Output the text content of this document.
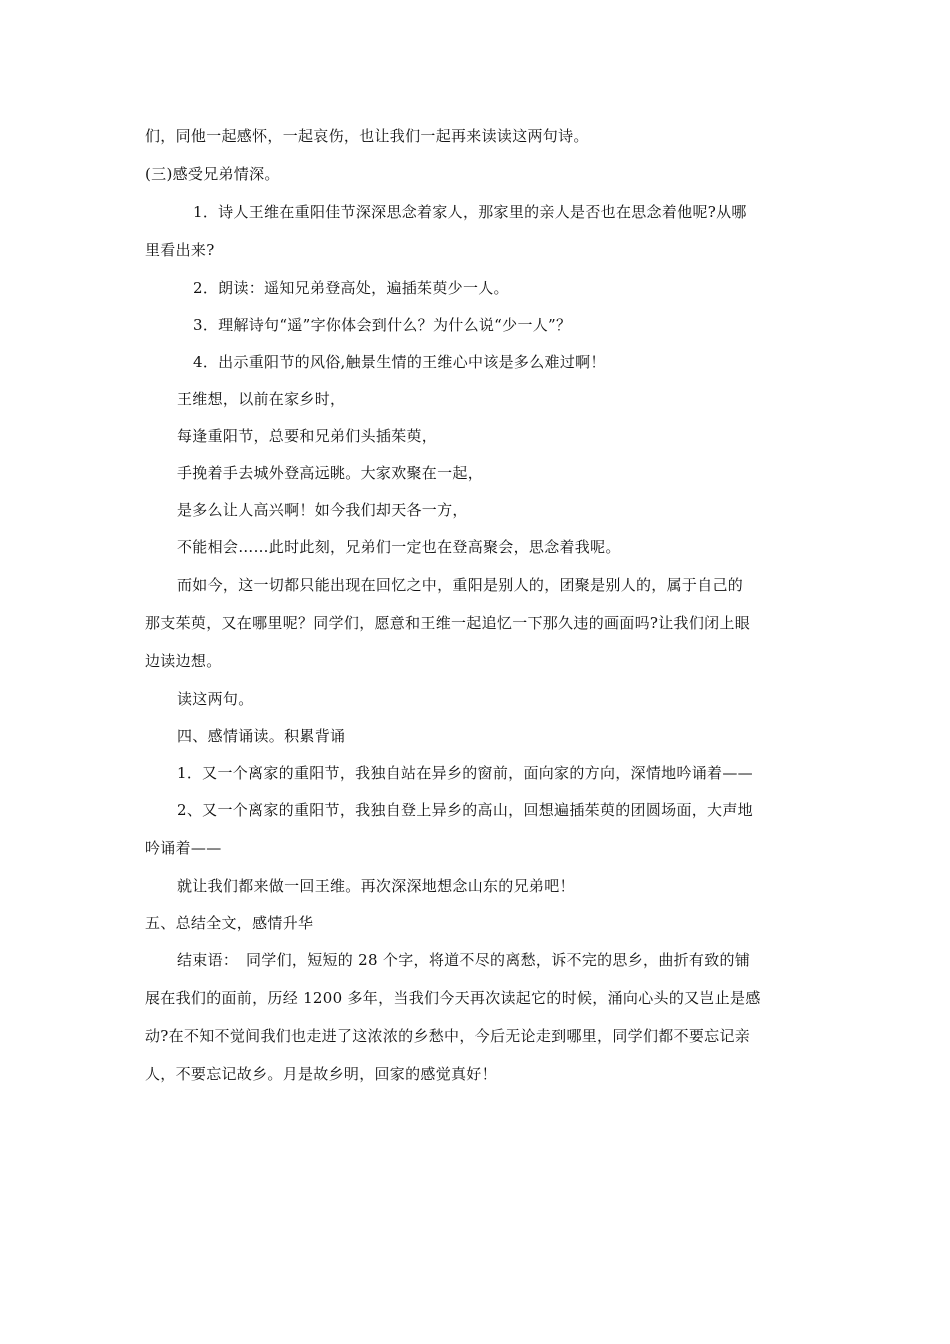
们，同他一起感怀，一起哀伤，也让我们一起再来读读这两句诗。
(三)感受兄弟情深。
1．诗人王维在重阳佳节深深思念着家人，那家里的亲人是否也在思念着他呢?从哪
里看出来?
2．朗读：遥知兄弟登高处，遍插茱萸少一人。
3．理解诗句“遥”字你体会到什么？为什么说“少一人”？
4．出示重阳节的风俗,触景生情的王维心中该是多么难过啊！
王维想，以前在家乡时，
每逢重阳节，总要和兄弟们头插茱萸，
手挽着手去城外登高远眺。大家欢聚在一起，
是多么让人高兴啊！如今我们却天各一方，
不能相会……此时此刻，兄弟们一定也在登高聚会，思念着我呢。
而如今，这一切都只能出现在回忆之中，重阳是别人的，团聚是别人的，属于自己的
那支茱萸，又在哪里呢？同学们，愿意和王维一起追忆一下那久违的画面吗?让我们闭上眼
边读边想。
读这两句。
四、感情诵读。积累背诵
1．又一个离家的重阳节，我独自站在异乡的窗前，面向家的方向，深情地吟诵着——
2、又一个离家的重阳节，我独自登上异乡的高山，回想遍插茱萸的团圆场面，大声地
吟诵着——
就让我们都来做一回王维。再次深深地想念山东的兄弟吧！
五、总结全文，感情升华
结束语：　同学们，短短的 28 个字，将道不尽的离愁，诉不完的思乡，曲折有致的铺
展在我们的面前，历经 1200 多年，当我们今天再次读起它的时候，涌向心头的又岂止是感
动?在不知不觉间我们也走进了这浓浓的乡愁中，今后无论走到哪里，同学们都不要忘记亲
人，不要忘记故乡。月是故乡明，回家的感觉真好！
